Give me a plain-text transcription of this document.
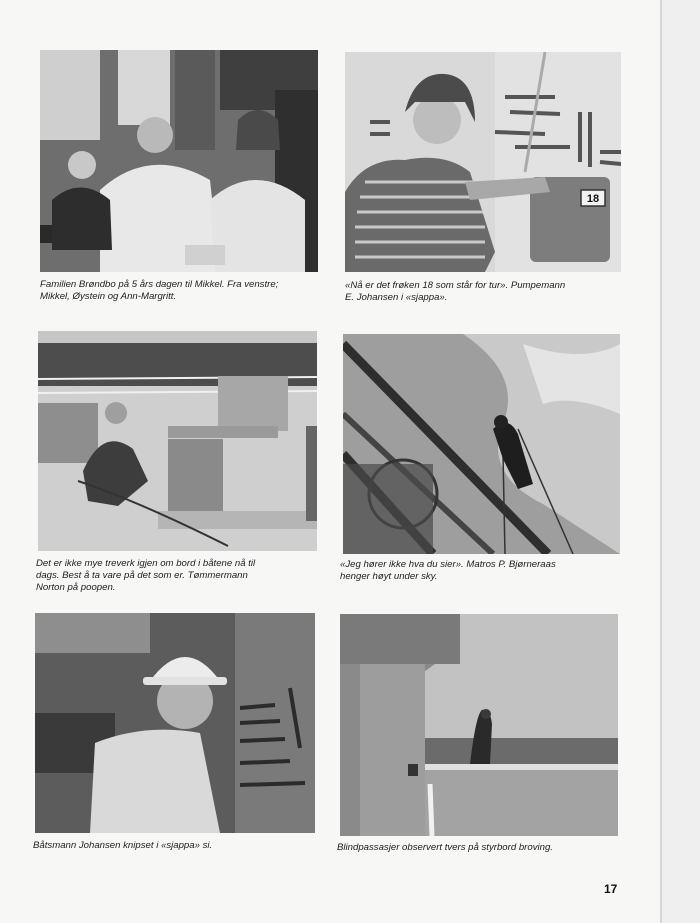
Familien Brøndbo på 5 års dagen til Mikkel. Fra venstre;
Mikkel, Øystein og Ann-Margritt.

18

«Nå er det frøken 18 som står for tur». Pumpemann
E. Johansen i «sjappa».

Det er ikke mye treverk igjen om bord i båtene nå til
dags. Best å ta vare på det som er. Tømmermann
Norton på poopen.

«Jeg hører ikke hva du sier». Matros P. Bjørneraas
henger høyt under sky.

Båtsmann Johansen knipset i «sjappa» si.	Blindpassasjer observert tvers på styrbord broving.

17
